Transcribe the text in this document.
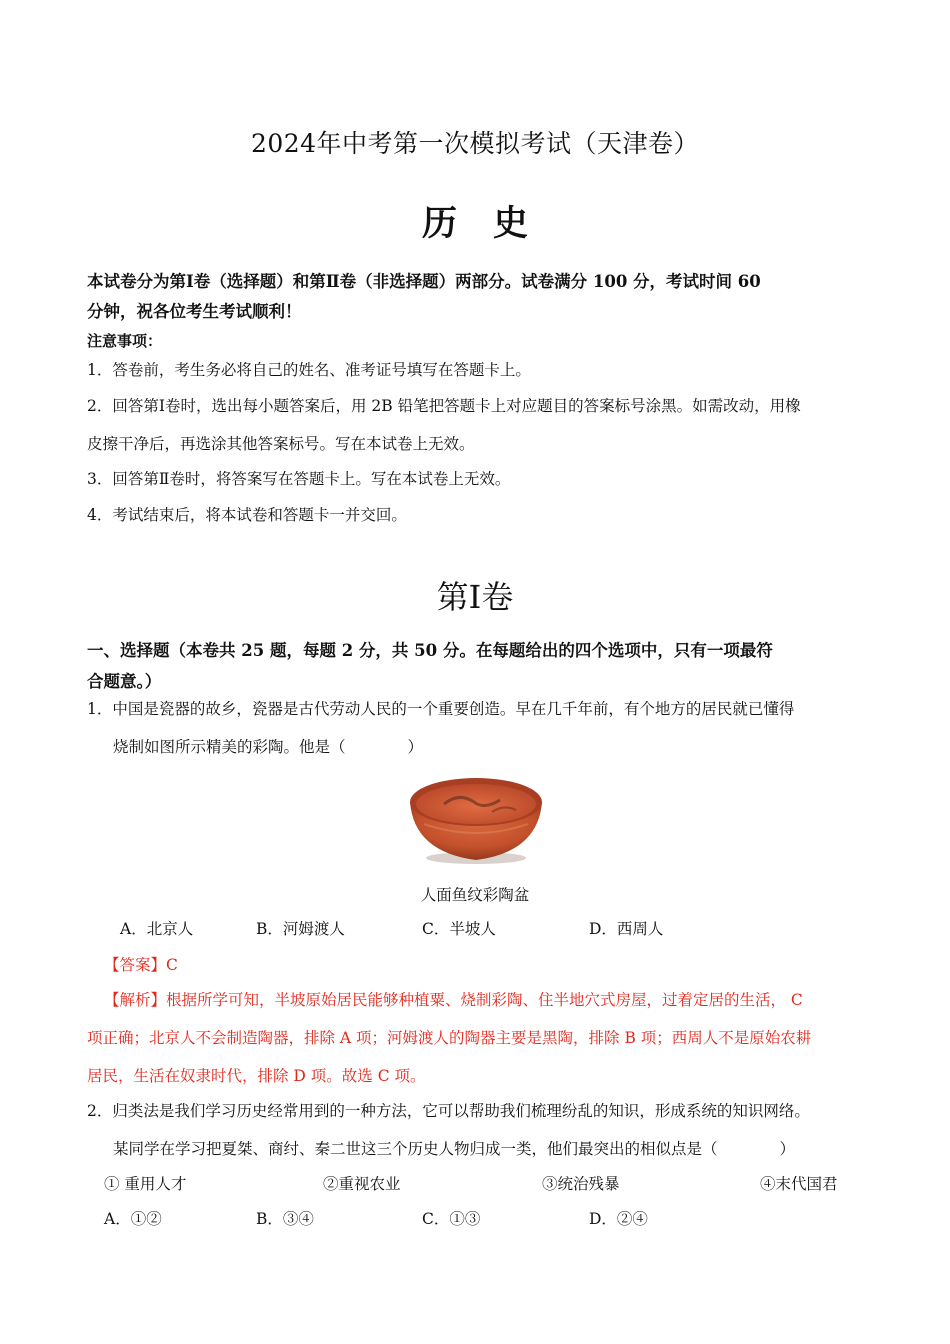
2024年中考第一次模拟考试（天津卷）
历史
本试卷分为第Ⅰ卷（选择题）和第Ⅱ卷（非选择题）两部分。试卷满分 100 分，考试时间 60
分钟，祝各位考生考试顺利！
注意事项：
1．答卷前，考生务必将自己的姓名、准考证号填写在答题卡上。
2．回答第Ⅰ卷时，选出每小题答案后，用 2B 铅笔把答题卡上对应题目的答案标号涂黑。如需改动，用橡
皮擦干净后，再选涂其他答案标号。写在本试卷上无效。
3．回答第Ⅱ卷时，将答案写在答题卡上。写在本试卷上无效。
4．考试结束后，将本试卷和答题卡一并交回。
第Ⅰ卷
一、选择题（本卷共 25 题，每题 2 分，共 50 分。在每题给出的四个选项中，只有一项最符
合题意。）
1．中国是瓷器的故乡，瓷器是古代劳动人民的一个重要创造。早在几千年前，有个地方的居民就已懂得
烧制如图所示精美的彩陶。他是（　　　　）
人面鱼纹彩陶盆
A．北京人	B．河姆渡人	C．半坡人	D．西周人
【答案】C
【解析】根据所学可知，半坡原始居民能够种植粟、烧制彩陶、住半地穴式房屋，过着定居的生活， C
项正确；北京人不会制造陶器，排除 A 项；河姆渡人的陶器主要是黑陶，排除 B 项；西周人不是原始农耕
居民，生活在奴隶时代，排除 D 项。故选 C 项。
2．归类法是我们学习历史经常用到的一种方法，它可以帮助我们梳理纷乱的知识，形成系统的知识网络。
某同学在学习把夏桀、商纣、秦二世这三个历史人物归成一类，他们最突出的相似点是（　　　　）
① 重用人才	②重视农业	③统治残暴	④末代国君
A．①②	B．③④	C．①③	D．②④
